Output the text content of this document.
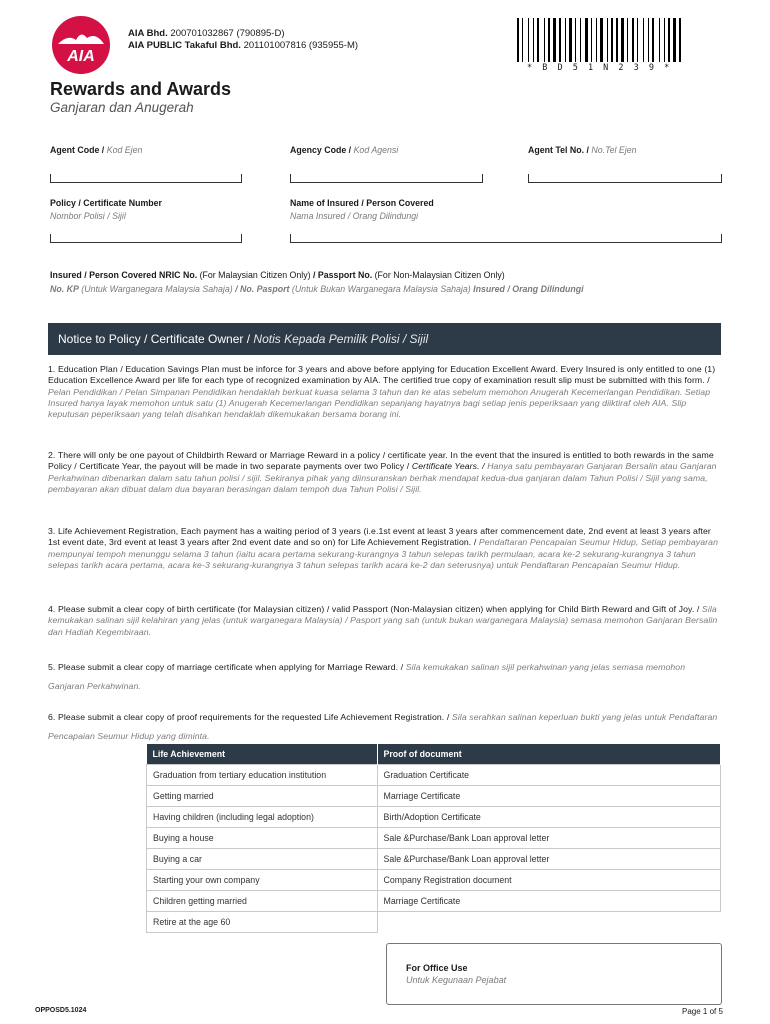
AIA
AIA Bhd. 200701032867 (790895-D)
AIA PUBLIC Takaful Bhd. 201101007816 (935955-M)
* B D 5 1 N 2 3 9 *
Rewards and Awards
Ganjaran dan Anugerah
Agent Code / Kod Ejen	Agency Code / Kod Agensi	Agent Tel No. / No.Tel Ejen
Policy / Certificate Number
Nombor Polisi / Sijil
Name of Insured / Person Covered
Nama Insured / Orang Dilindungi
Insured / Person Covered NRIC No. (For Malaysian Citizen Only) / Passport No. (For Non-Malaysian Citizen Only)
No. KP (Untuk Warganegara Malaysia Sahaja) / No. Pasport (Untuk Bukan Warganegara Malaysia Sahaja) Insured / Orang Dilindungi
Notice to Policy / Certificate Owner /
Notis Kepada Pemilik Polisi / Sijil
1. Education Plan / Education Savings Plan must be inforce for 3 years and above before applying for Education Excellent Award. Every Insured is only entitled to one (1) Education Excellence Award per life for each type of recognized examination by AIA. The certified true copy of examination result slip must be submitted with this form. / Pelan Pendidikan / Pelan Simpanan Pendidikan hendaklah berkuat kuasa selama 3 tahun dan ke atas sebelum memohon Anugerah Kecemerlangan Pendidikan. Setiap Insured hanya layak memohon untuk satu (1) Anugerah Kecemerlangan Pendidikan sepanjang hayatnya bagi setiap jenis peperiksaan yang diiktiraf oleh AIA. Slip keputusan peperiksaan yang telah disahkan hendaklah dikemukakan bersama borang ini.
2. There will only be one payout of Childbirth Reward or Marriage Reward in a policy / certificate year. In the event that the insured is entitled to both rewards in the same Policy / Certificate Year, the payout will be made in two separate payments over two Policy / Certificate Years. / Hanya satu pembayaran Ganjaran Bersalin atau Ganjaran Perkahwinan dibenarkan dalam satu tahun polisi / sijil. Sekiranya pihak yang diinsuranskan berhak mendapat kedua-dua ganjaran dalam Tahun Polisi / Sijil yang sama, pembayaran akan dibuat dalam dua bayaran berasingan dalam tempoh dua Tahun Polisi / Sijil.
3. Life Achievement Registration, Each payment has a waiting period of 3 years (i.e.1st event at least 3 years after commencement date, 2nd event at least 3 years after 1st event date, 3rd event at least 3 years after 2nd event date and so on) for Life Achievement Registration. / Pendaftaran Pencapaian Seumur Hidup, Setiap pembayaran mempunyai tempoh menunggu selama 3 tahun (iaitu acara pertama sekurang-kurangnya 3 tahun selepas tarikh permulaan, acara ke-2 sekurang-kurangnya 3 tahun selepas tarikh acara pertama, acara ke-3 sekurang-kurangnya 3 tahun selepas tarikh acara ke-2 dan seterusnya) untuk Pendaftaran Pencapaian Seumur Hidup.
4. Please submit a clear copy of birth certificate (for Malaysian citizen) / valid Passport (Non-Malaysian citizen) when applying for Child Birth Reward and Gift of Joy. / Sila kemukakan salinan sijil kelahiran yang jelas (untuk warganegara Malaysia) / Pasport yang sah (untuk bukan warganegara Malaysia) semasa memohon Ganjaran Bersalin dan Hadiah Kegembiraan.
5. Please submit a clear copy of marriage certificate when applying for Marriage Reward. / Sila kemukakan salinan sijil perkahwinan yang jelas semasa memohon Ganjaran Perkahwinan.
6. Please submit a clear copy of proof requirements for the requested Life Achievement Registration. / Sila serahkan salinan keperluan bukti yang jelas untuk Pendaftaran Pencapaian Seumur Hidup yang diminta.
Life Achievement	Proof of document
Graduation from tertiary education institution	Graduation Certificate
Getting married	Marriage Certificate
Having children (including legal adoption)	Birth/Adoption Certificate
Buying a house	Sale &Purchase/Bank Loan approval letter
Buying a car	Sale &Purchase/Bank Loan approval letter
Starting your own company	Company Registration document
Children getting married	Marriage Certificate
Retire at the age 60	
For Office Use
Untuk Kegunaan Pejabat
OPPOSD5.1024	Page 1 of 5
